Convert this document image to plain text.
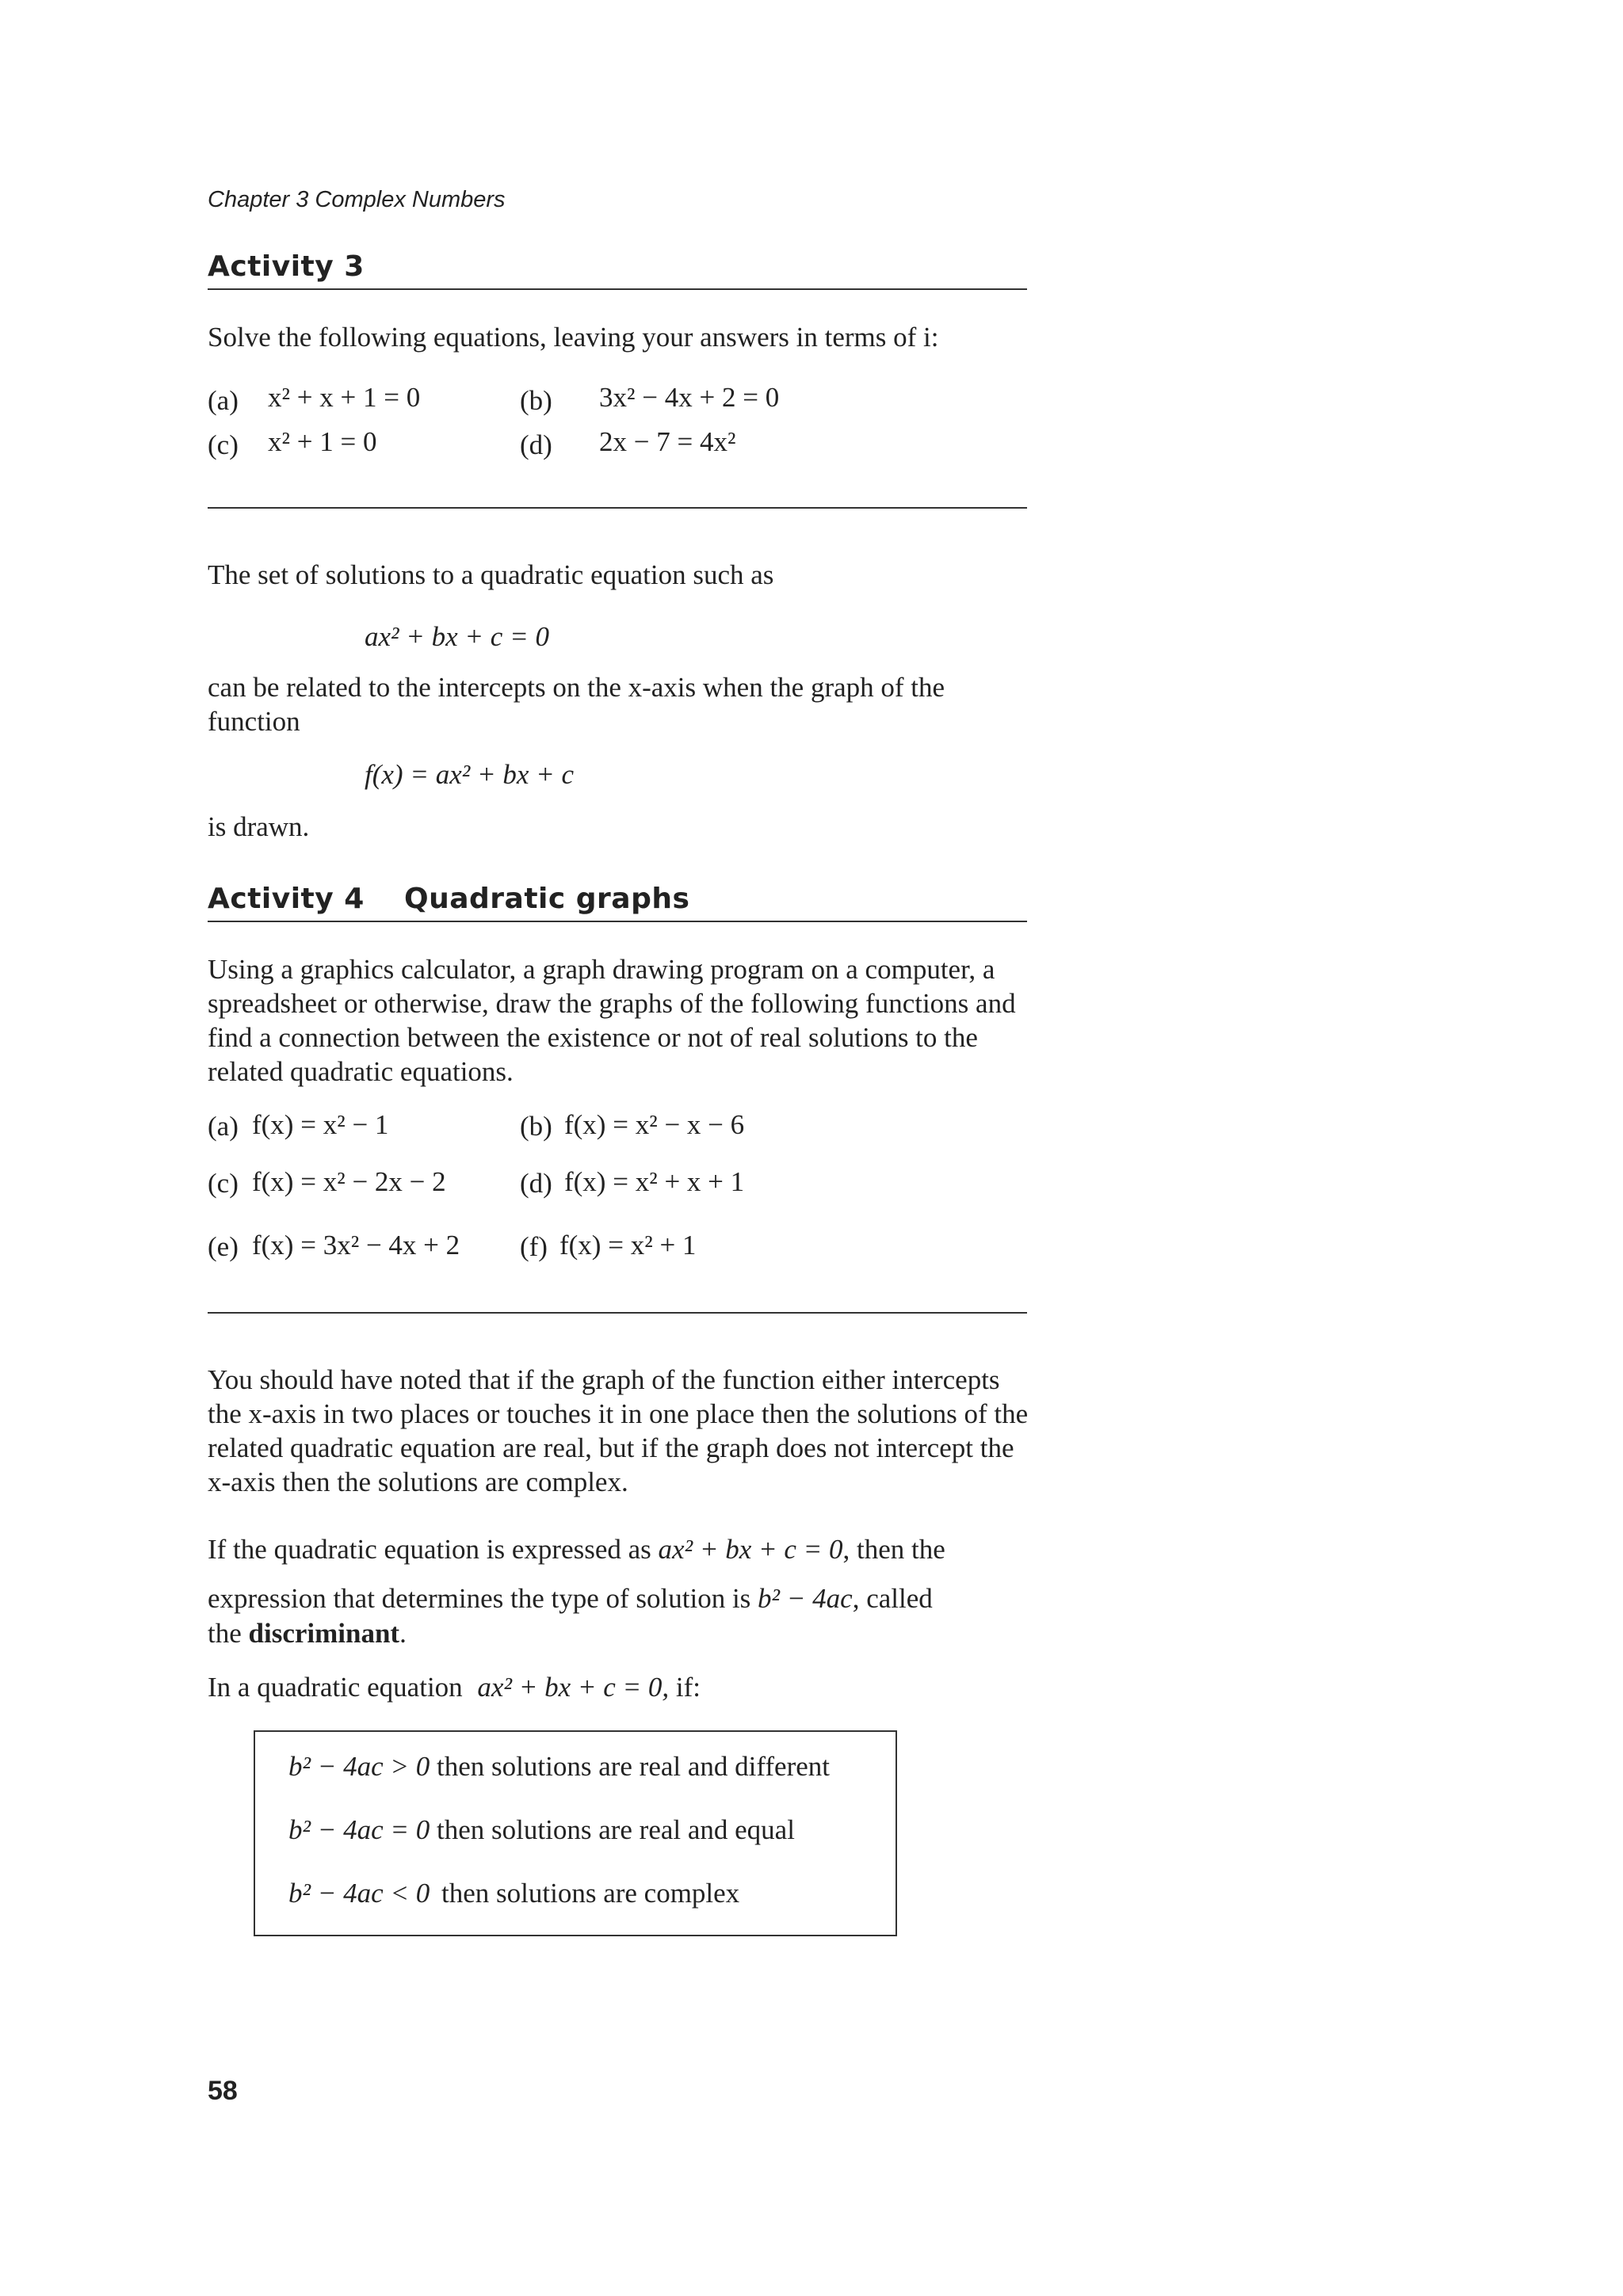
Chapter 3 Complex Numbers
Activity 3
Solve the following equations, leaving your answers in terms of i:
(a) x² + x + 1 = 0	(b) 3x² − 4x + 2 = 0
(c) x² + 1 = 0	(d) 2x − 7 = 4x²
The set of solutions to a quadratic equation such as
ax² + bx + c = 0
can be related to the intercepts on the x-axis when the graph of the function
f(x) = ax² + bx + c
is drawn.
Activity 4 Quadratic graphs
Using a graphics calculator, a graph drawing program on a computer, a spreadsheet or otherwise, draw the graphs of the following functions and find a connection between the existence or not of real solutions to the related quadratic equations.
(a) f(x) = x² − 1	(b) f(x) = x² − x − 6
(c) f(x) = x² − 2x − 2	(d) f(x) = x² + x + 1
(e) f(x) = 3x² − 4x + 2 (f) f(x) = x² + 1
You should have noted that if the graph of the function either intercepts the x-axis in two places or touches it in one place then the solutions of the related quadratic equation are real, but if the graph does not intercept the x-axis then the solutions are complex.
If the quadratic equation is expressed as ax² + bx + c = 0, then the
expression that determines the type of solution is b² − 4ac, called
the discriminant.
In a quadratic equation ax² + bx + c = 0, if:
b² − 4ac > 0 then solutions are real and different
b² − 4ac = 0 then solutions are real and equal
b² − 4ac < 0 then solutions are complex
58
